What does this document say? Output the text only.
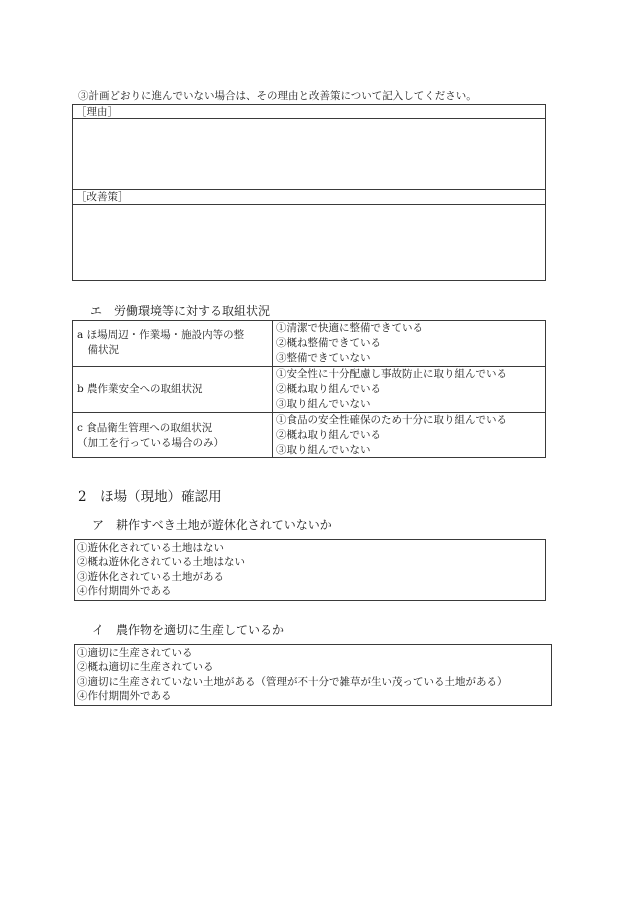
③計画どおりに進んでいない場合は、その理由と改善策について記入してください。
［理由］
［改善策］
エ　労働環境等に対する取組状況
a ほ場周辺・作業場・施設内等の整
　備状況
①清潔で快適に整備できている
②概ね整備できている
③整備できていない
b 農作業安全への取組状況
①安全性に十分配慮し事故防止に取り組んでいる
②概ね取り組んでいる
③取り組んでいない
c 食品衛生管理への取組状況
（加工を行っている場合のみ）
①食品の安全性確保のため十分に取り組んでいる
②概ね取り組んでいる
③取り組んでいない
2　ほ場（現地）確認用
ア　耕作すべき土地が遊休化されていないか
①遊休化されている土地はない
②概ね遊休化されている土地はない
③遊休化されている土地がある
④作付期間外である
イ　農作物を適切に生産しているか
①適切に生産されている
②概ね適切に生産されている
③適切に生産されていない土地がある（管理が不十分で雑草が生い茂っている土地がある）
④作付期間外である
